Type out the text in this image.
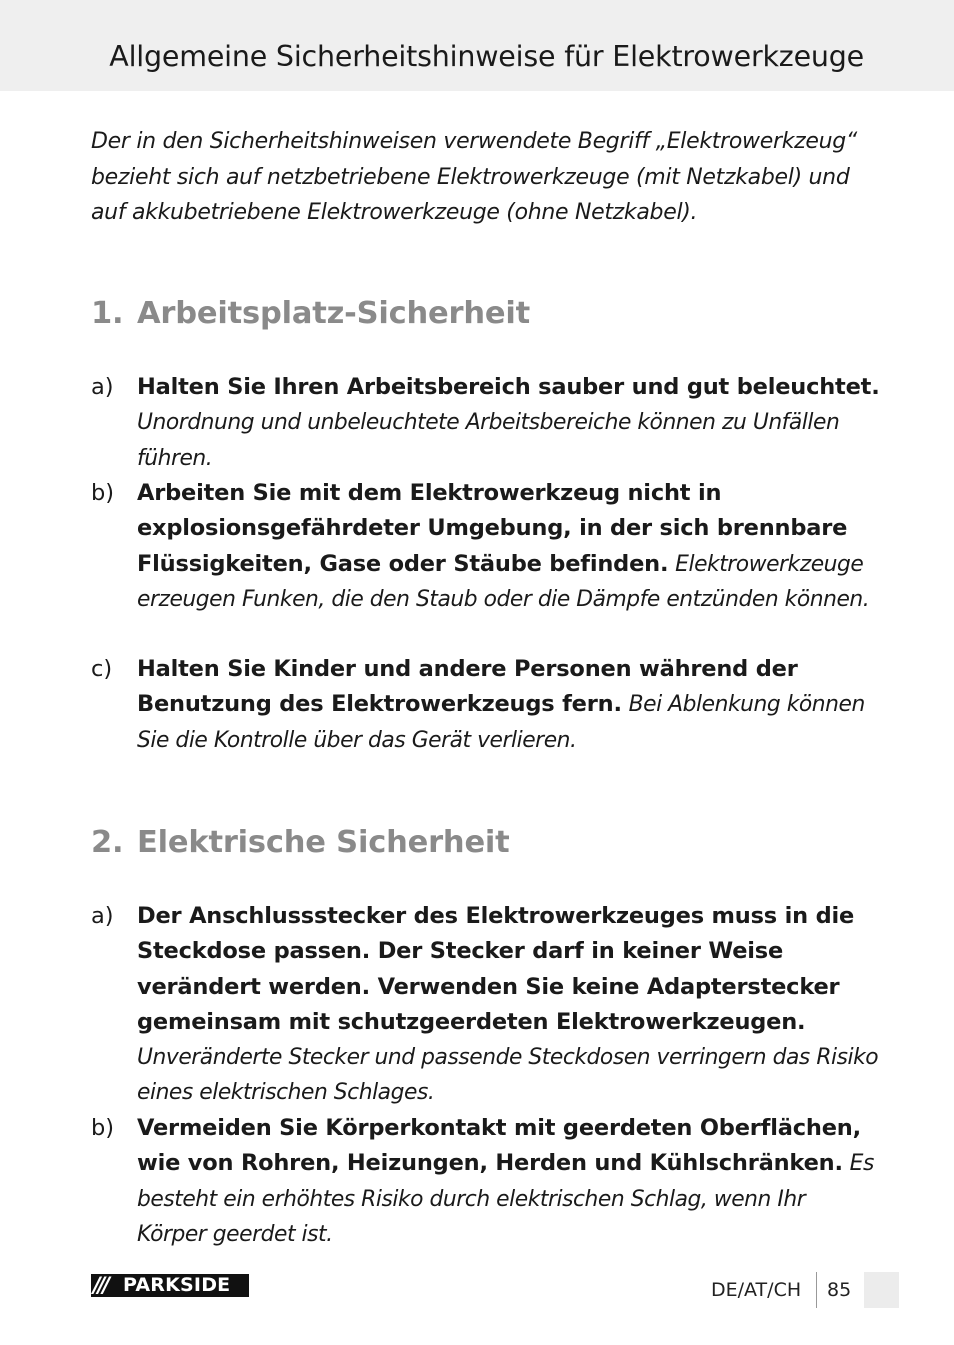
Allgemeine Sicherheitshinweise für Elektrowerkzeuge
Der in den Sicherheitshinweisen verwendete Begriff „Elektrowerkzeug“ bezieht sich auf netzbetriebene Elektrowerkzeuge (mit Netzkabel) und auf akkubetriebene Elektrowerkzeuge (ohne Netzkabel).
1. Arbeitsplatz-Sicherheit
a) Halten Sie Ihren Arbeitsbereich sauber und gut beleuchtet. Unordnung und unbeleuchtete Arbeitsbereiche können zu Unfällen führen.
b) Arbeiten Sie mit dem Elektrowerkzeug nicht in explosionsgefährdeter Umgebung, in der sich brennbare Flüssigkeiten, Gase oder Stäube befinden. Elektrowerkzeuge erzeugen Funken, die den Staub oder die Dämpfe entzünden können.
c) Halten Sie Kinder und andere Personen während der Benutzung des Elektrowerkzeugs fern. Bei Ablenkung können Sie die Kontrolle über das Gerät verlieren.
2. Elektrische Sicherheit
a) Der Anschlussstecker des Elektrowerkzeuges muss in die Steckdose passen. Der Stecker darf in keiner Weise verändert werden. Verwenden Sie keine Adapterstecker gemeinsam mit schutzgeerdeten Elektrowerkzeugen. Unveränderte Stecker und passende Steckdosen verringern das Risiko eines elektrischen Schlages.
b) Vermeiden Sie Körperkontakt mit geerdeten Oberflächen, wie von Rohren, Heizungen, Herden und Kühlschränken. Es besteht ein erhöhtes Risiko durch elektrischen Schlag, wenn Ihr Körper geerdet ist.
/// PARKSIDE	DE/AT/CH 85
